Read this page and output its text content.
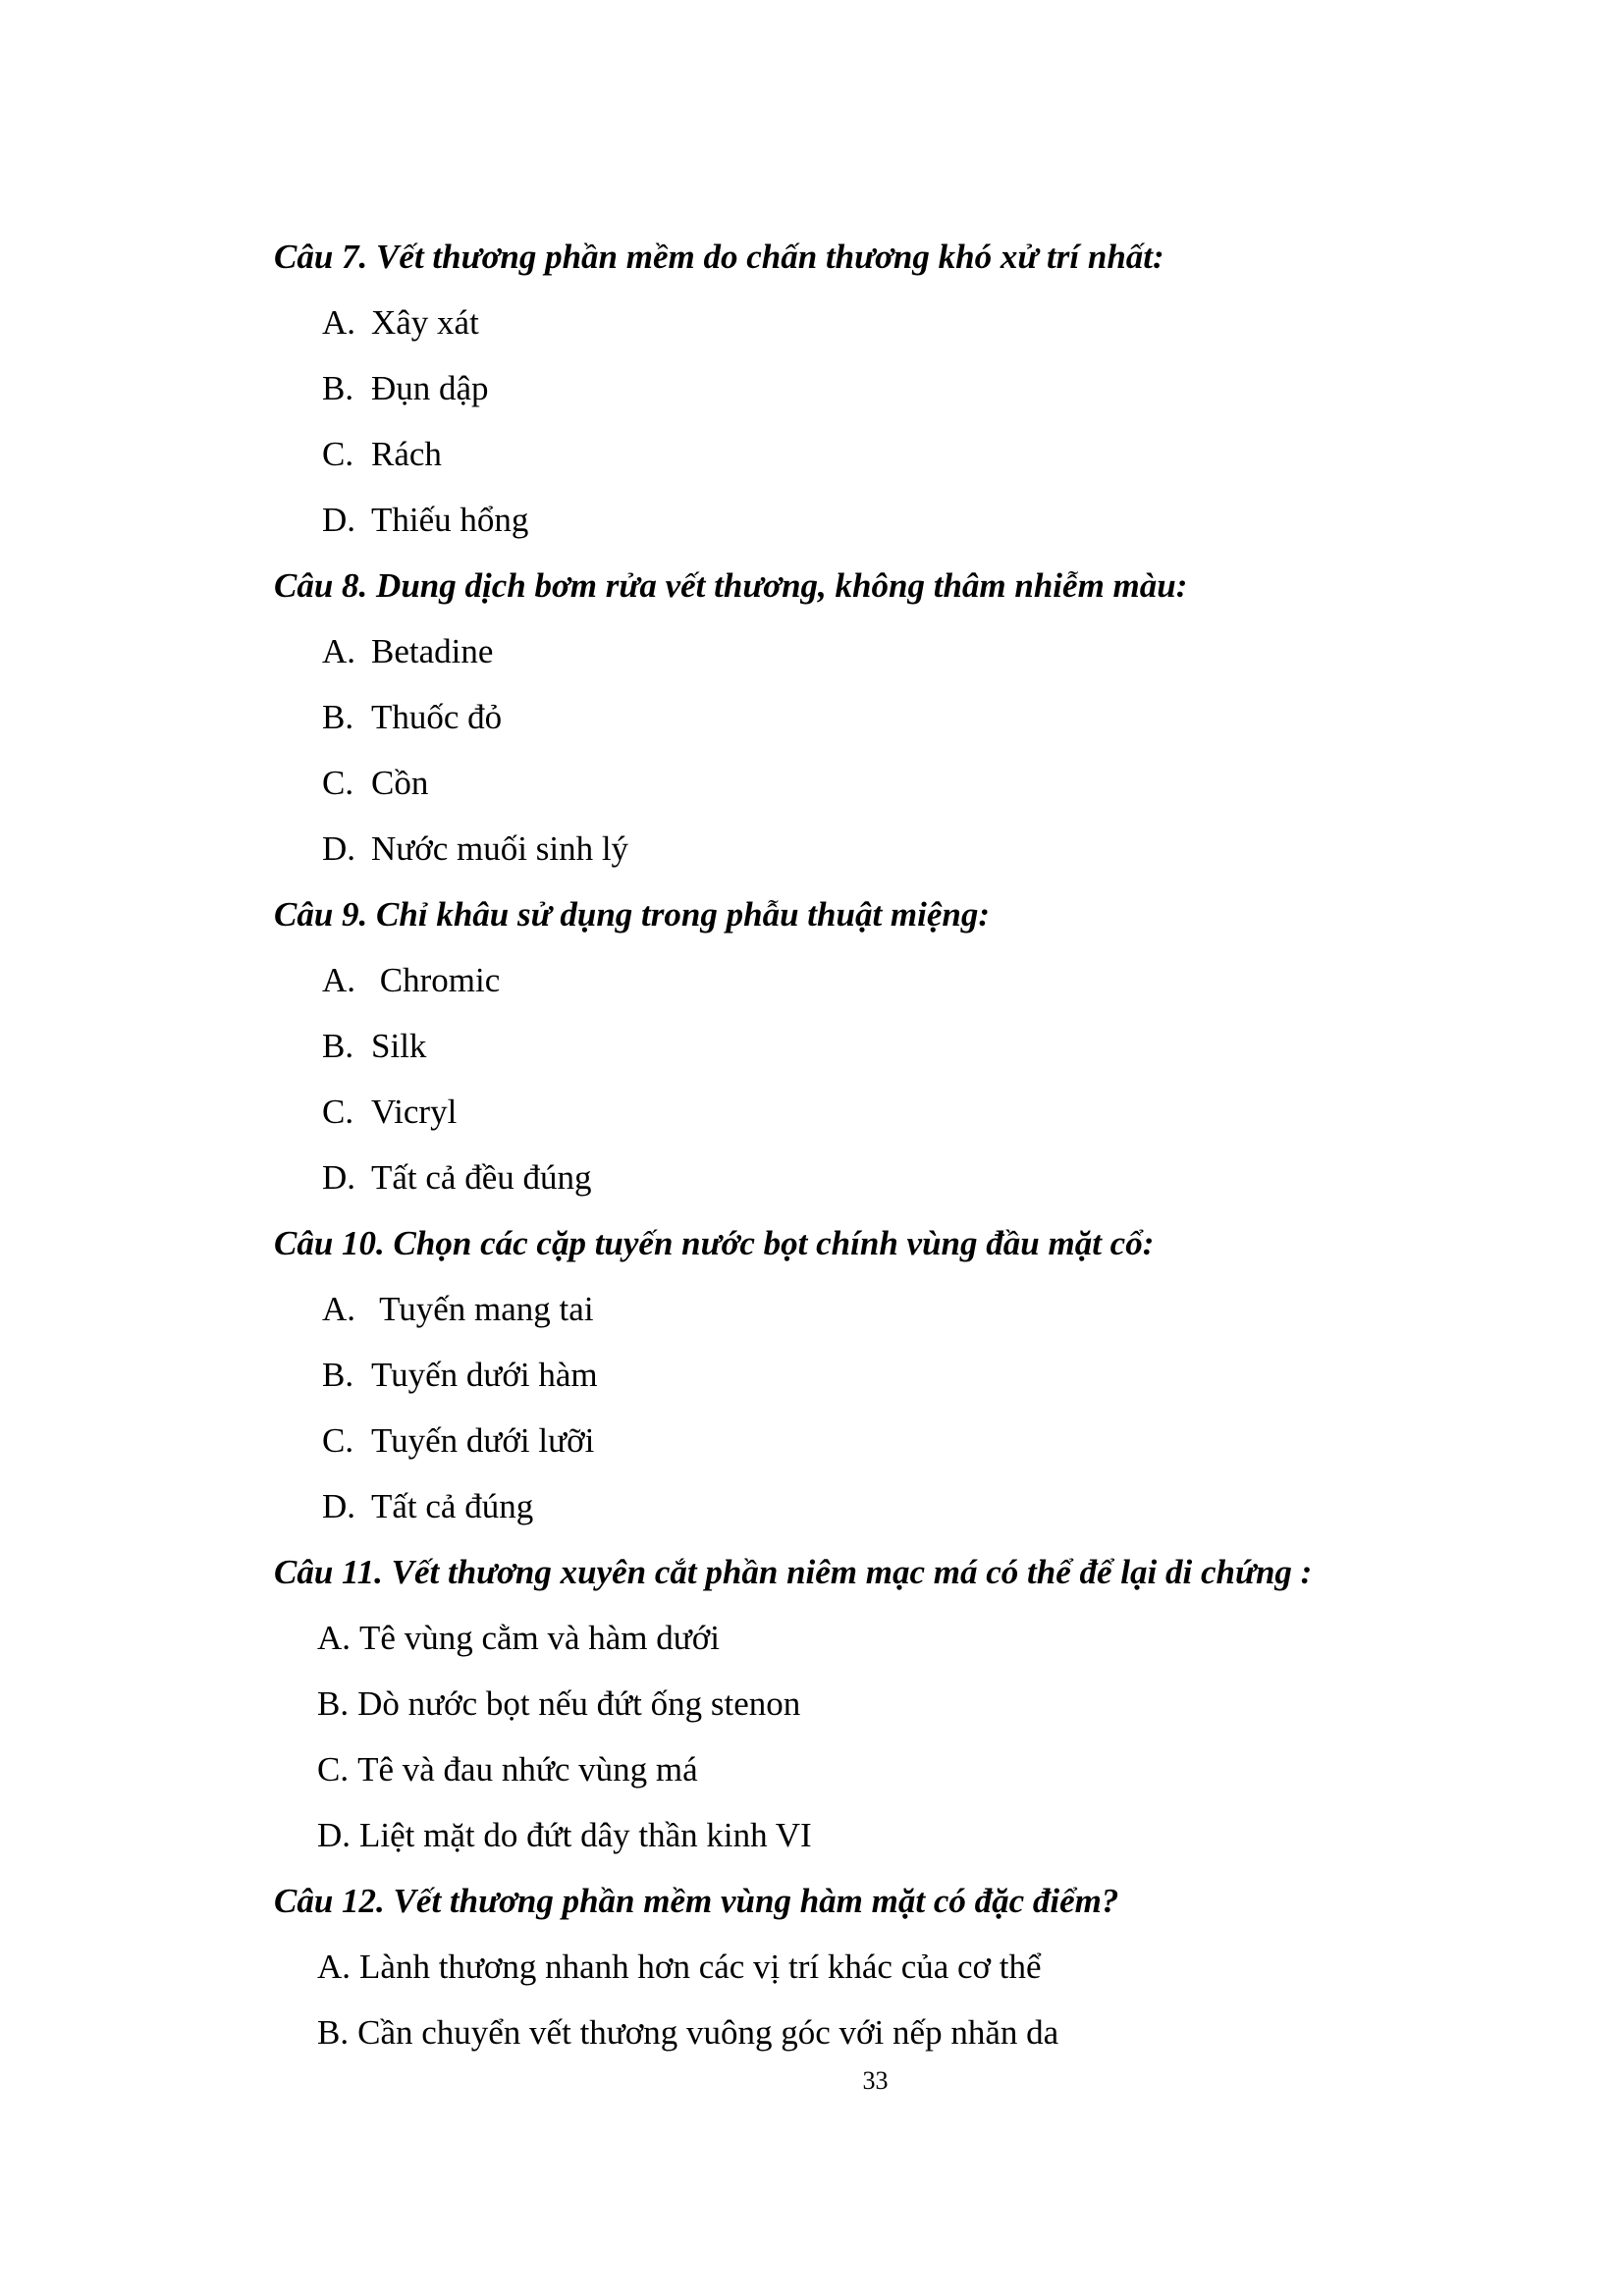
Câu 7. Vết thương phần mềm do chấn thương khó xử trí nhất:
A. Xây xát
B. Đụn dập
C. Rách
D. Thiếu hổng
Câu 8. Dung dịch bơm rửa vết thương, không thâm nhiễm màu:
A. Betadine
B. Thuốc đỏ
C. Cồn
D. Nước muối sinh lý
Câu 9. Chỉ khâu sử dụng trong phẫu thuật miệng:
A. Chromic
B. Silk
C. Vicryl
D. Tất cả đều đúng
Câu 10. Chọn các cặp tuyến nước bọt chính vùng đầu mặt cổ:
A. Tuyến mang tai
B. Tuyến dưới hàm
C. Tuyến dưới lưỡi
D. Tất cả đúng
Câu 11. Vết thương xuyên cắt phần niêm mạc má có thể để lại di chứng :
A. Tê vùng cằm và hàm dưới
B. Dò nước bọt nếu đứt ống stenon
C. Tê và đau nhức vùng má
D. Liệt mặt do đứt dây thần kinh VI
Câu 12. Vết thương phần mềm vùng hàm mặt có đặc điểm?
A. Lành thương nhanh hơn các vị trí khác của cơ thể
B. Cần chuyển vết thương vuông góc với nếp nhăn da
33
